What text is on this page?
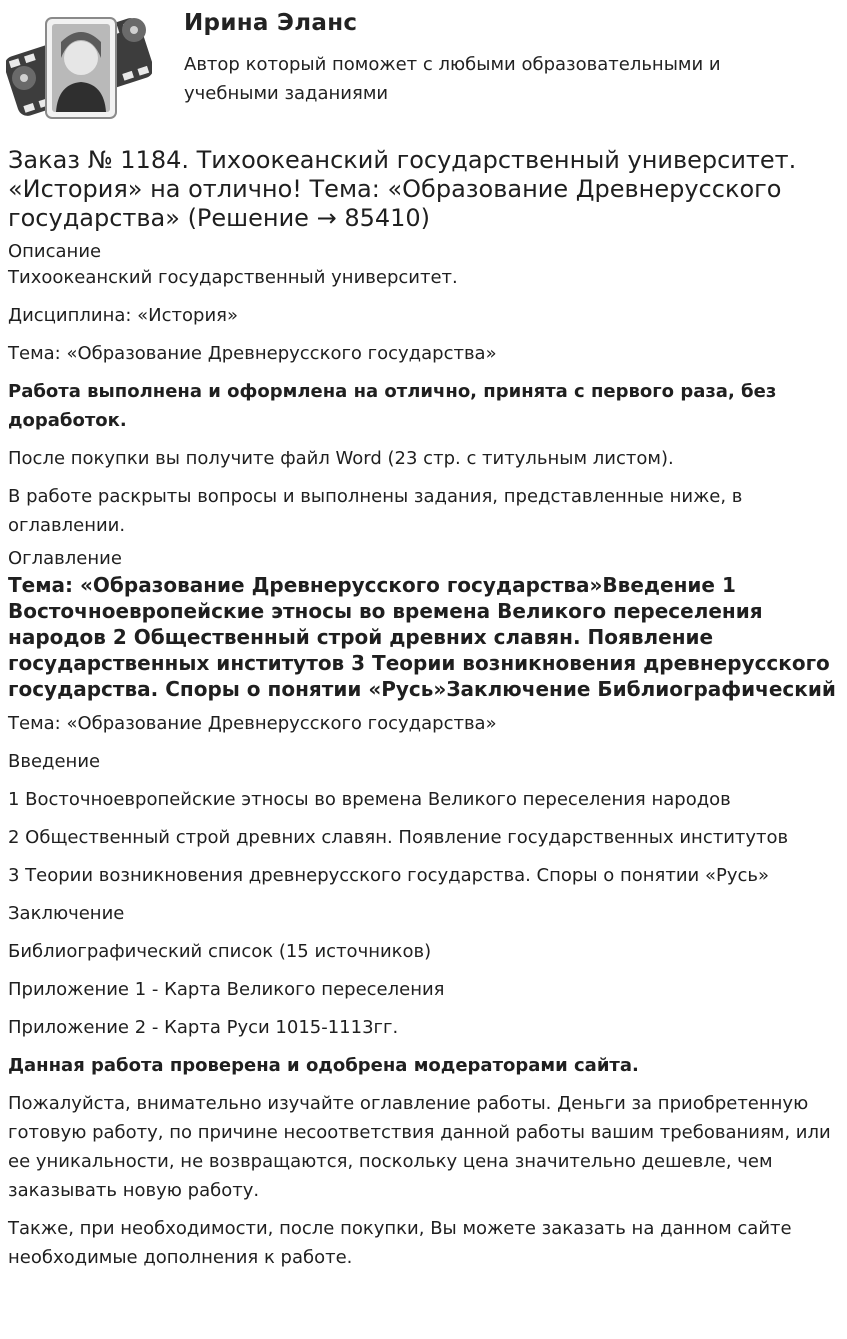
Ирина Эланс
Автор который поможет с любыми образовательными и учебными заданиями
Заказ № 1184. Тихоокеанский государственный университет. «История» на отлично! Тема: «Образование Древнерусского государства» (Решение → 85410)
Описание

Тихоокеанский государственный университет.

Дисциплина: «История»

Тема: «Образование Древнерусского государства»

Работа выполнена и оформлена на отлично, принята с первого раза, без доработок.

После покупки вы получите файл Word (23 стр. с титульным листом).

В работе раскрыты вопросы и выполнены задания, представленные ниже, в оглавлении.

Оглавление
Тема: «Образование Древнерусского государства»Введение 1 Восточноевропейские этносы во времена Великого переселения народов 2 Общественный строй древних славян. Появление государственных институтов 3 Теории возникновения древнерусского государства. Споры о понятии «Русь»Заключение Библиографический

Тема: «Образование Древнерусского государства»

Введение

1 Восточноевропейские этносы во времена Великого переселения народов

2 Общественный строй древних славян. Появление государственных институтов

3 Теории возникновения древнерусского государства. Споры о понятии «Русь»

Заключение

Библиографический список (15 источников)

Приложение 1 - Карта Великого переселения

Приложение 2 - Карта Руси 1015-1113гг.

Данная работа проверена и одобрена модераторами сайта.

Пожалуйста, внимательно изучайте оглавление работы. Деньги за приобретенную готовую работу, по причине несоответствия данной работы вашим требованиям, или ее уникальности, не возвращаются, поскольку цена значительно дешевле, чем заказывать новую работу.

Также, при необходимости, после покупки, Вы можете заказать на данном сайте необходимые дополнения к работе.
